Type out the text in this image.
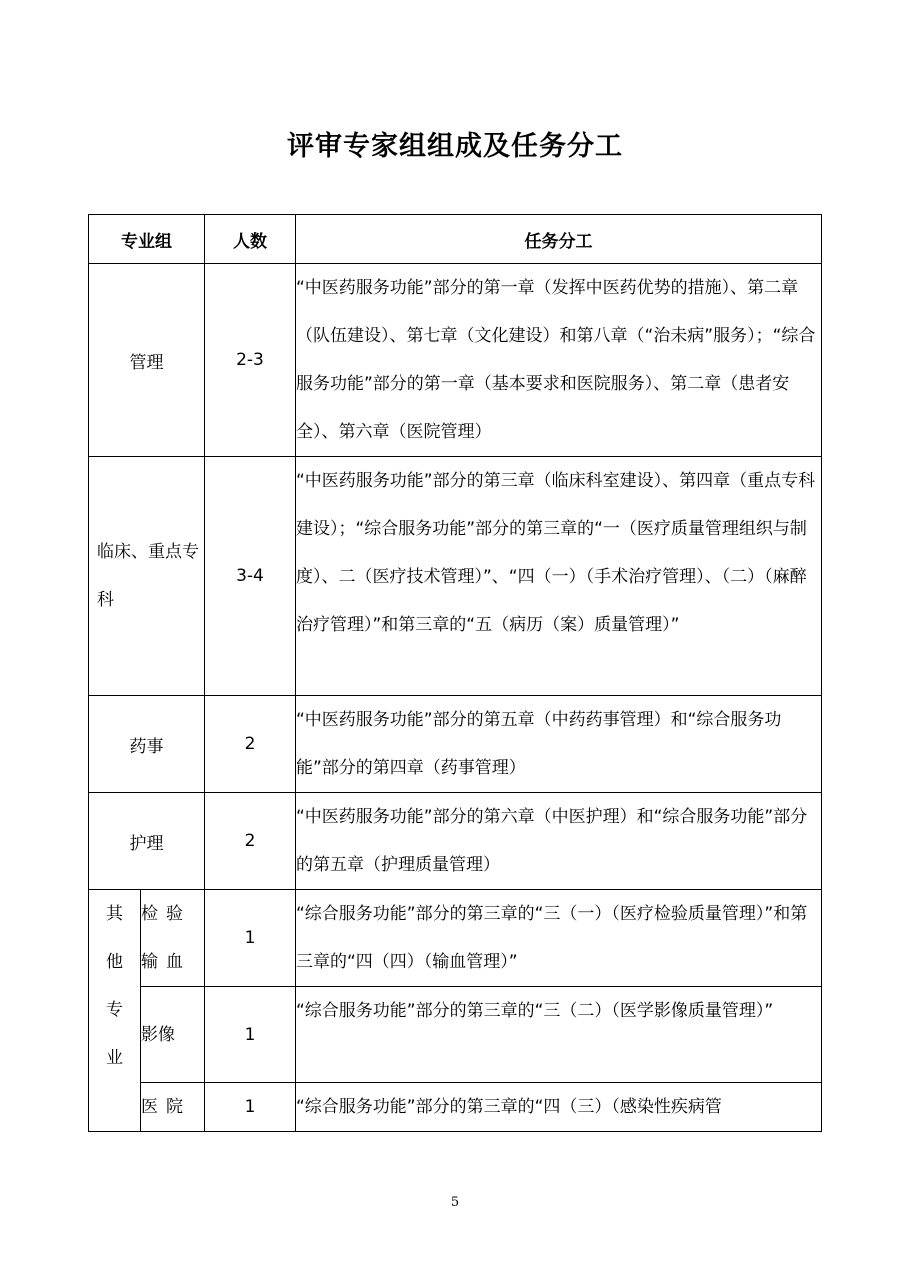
评审专家组组成及任务分工
专业组		人数	任务分工
管理		2-3	“中医药服务功能”部分的第一章（发挥中医药优势的措施）、第二章（队伍建设）、第七章（文化建设）和第八章（“治未病”服务）；“综合服务功能”部分的第一章（基本要求和医院服务）、第二章（患者安全）、第六章（医院管理）
临床、重点专科		3-4	“中医药服务功能”部分的第三章（临床科室建设）、第四章（重点专科建设）；“综合服务功能”部分的第三章的“一（医疗质量管理组织与制度）、二（医疗技术管理）”、“四（一）（手术治疗管理）、（二）（麻醉治疗管理）”和第三章的“五（病历（案）质量管理）”
药事		2	“中医药服务功能”部分的第五章（中药药事管理）和“综合服务功能”部分的第四章（药事管理）
护理		2	“中医药服务功能”部分的第六章（中医护理）和“综合服务功能”部分的第五章（护理质量管理）
其他专业	检验输血	1	“综合服务功能”部分的第三章的“三（一）（医疗检验质量管理）”和第三章的“四（四）（输血管理）”
	影像	1	“综合服务功能”部分的第三章的“三（二）（医学影像质量管理）”
	医院	1	“综合服务功能”部分的第三章的“四（三）（感染性疾病管
5
